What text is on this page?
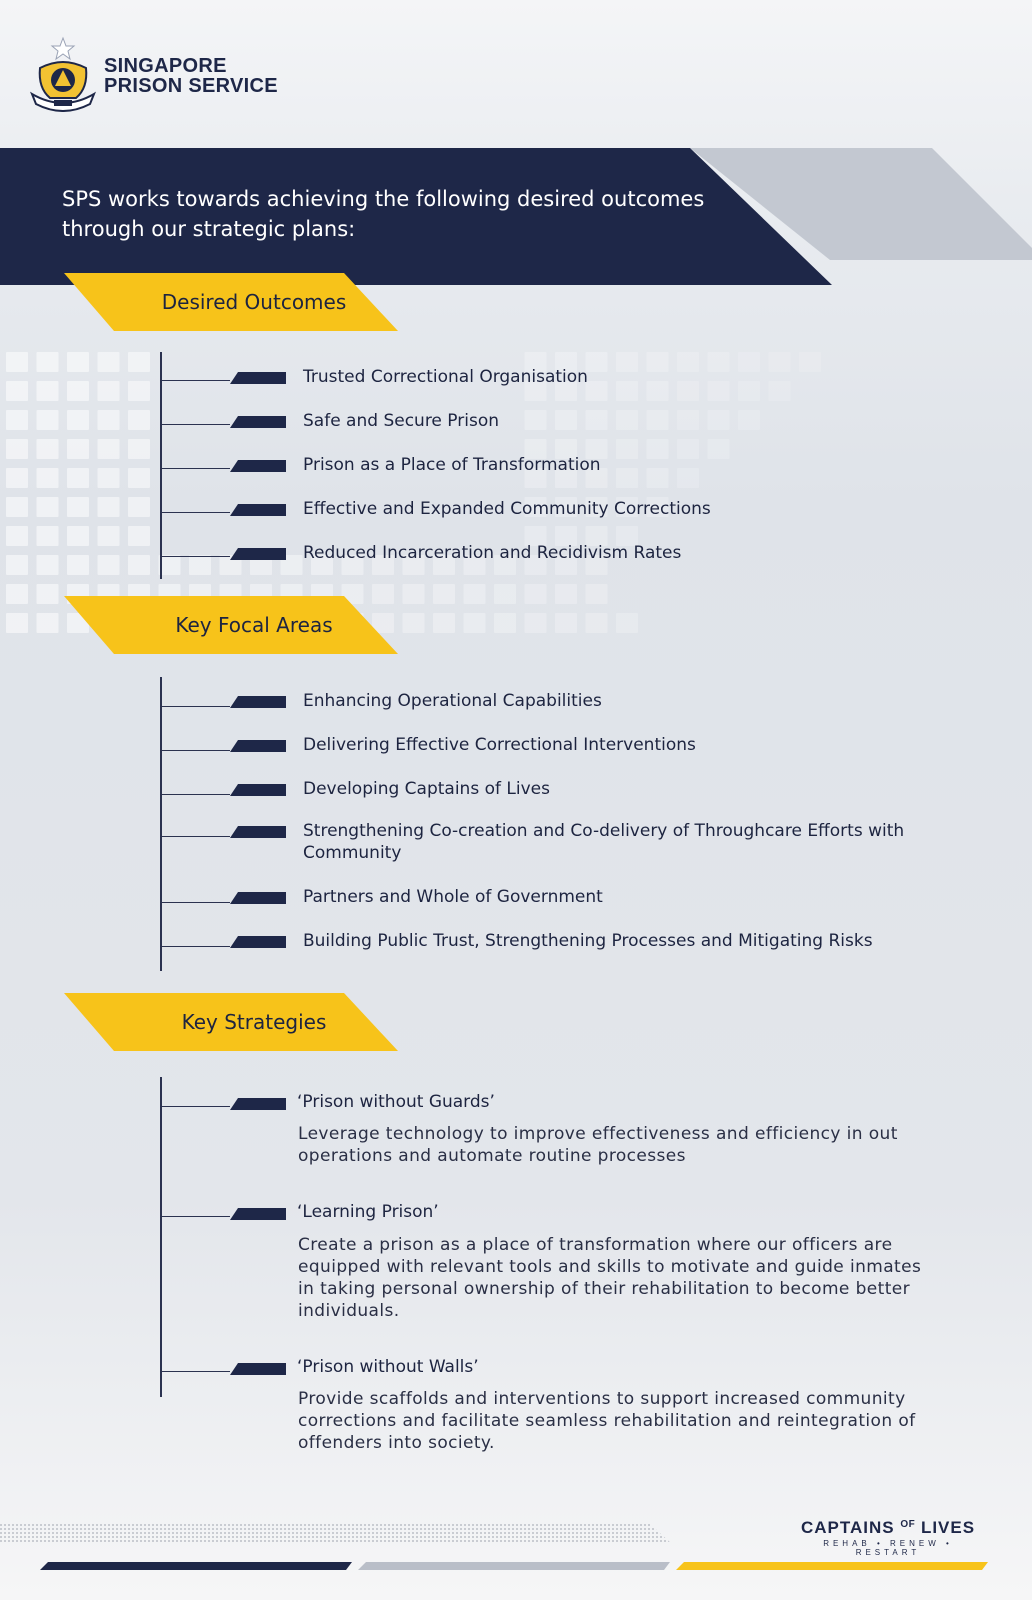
SINGAPORE
PRISON SERVICE
SPS works towards achieving the following desired outcomes through our strategic plans:
Desired Outcomes
Trusted Correctional Organisation
Safe and Secure Prison
Prison as a Place of Transformation
Effective and Expanded Community Corrections
Reduced Incarceration and Recidivism Rates
Key Focal Areas
Enhancing Operational Capabilities
Delivering Effective Correctional Interventions
Developing Captains of Lives
Strengthening Co-creation and Co-delivery of Throughcare Efforts with Community
Partners and Whole of Government
Building Public Trust, Strengthening Processes and Mitigating Risks
Key Strategies
‘Prison without Guards’
Leverage technology to improve effectiveness and efficiency in out operations and automate routine processes
‘Learning Prison’
Create a prison as a place of transformation where our officers are equipped with relevant tools and skills to motivate and guide inmates in taking personal ownership of their rehabilitation to become better individuals.
‘Prison without Walls’
Provide scaffolds and interventions to support increased community corrections and facilitate seamless rehabilitation and reintegration of offenders into society.
CAPTAINS $^{OF}$ LIVES
REHAB • RENEW • RESTART
